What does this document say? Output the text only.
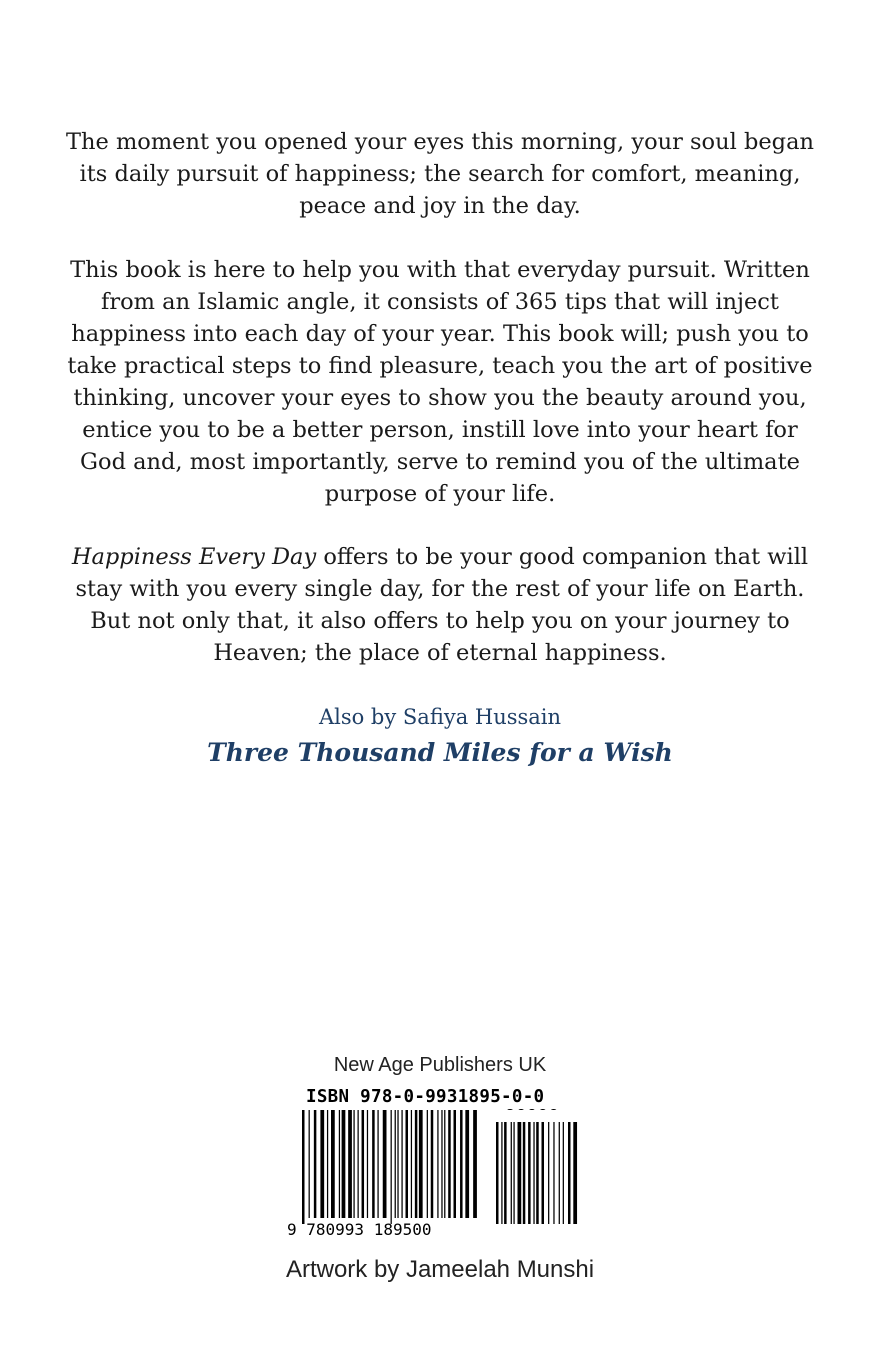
The moment you opened your eyes this morning, your soul began its daily pursuit of happiness; the search for comfort, meaning, peace and joy in the day.

This book is here to help you with that everyday pursuit. Written from an Islamic angle, it consists of 365 tips that will inject happiness into each day of your year. This book will; push you to take practical steps to find pleasure, teach you the art of positive thinking, uncover your eyes to show you the beauty around you, entice you to be a better person, instill love into your heart for God and, most importantly, serve to remind you of the ultimate purpose of your life.

Happiness Every Day offers to be your good companion that will stay with you every single day, for the rest of your life on Earth. But not only that, it also offers to help you on your journey to Heaven; the place of eternal happiness.

Also by Safiya Hussain
Three Thousand Miles for a Wish
New Age Publishers UK
ISBN 978-0-9931895-0-0
9 780993 189500
Artwork by Jameelah Munshi
